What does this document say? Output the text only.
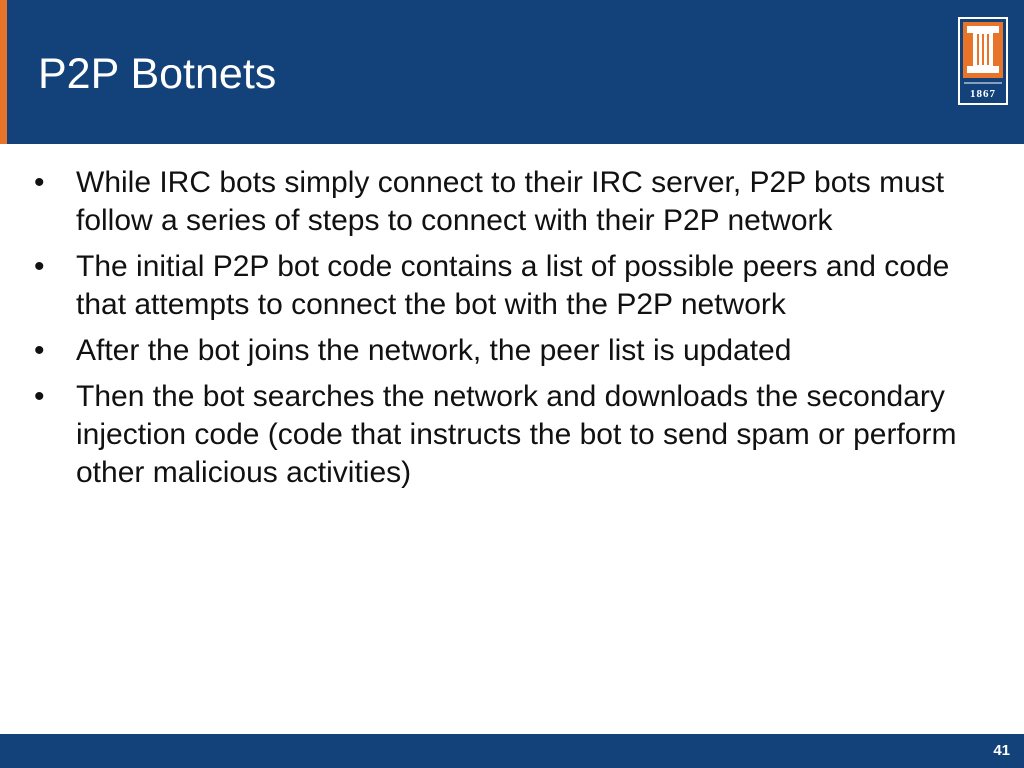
P2P Botnets	1867
• While IRC bots simply connect to their IRC server, P2P bots must follow a series of steps to connect with their P2P network
• The initial P2P bot code contains a list of possible peers and code that attempts to connect the bot with the P2P network
• After the bot joins the network, the peer list is updated
• Then the bot searches the network and downloads the secondary injection code (code that instructs the bot to send spam or perform other malicious activities)
41
